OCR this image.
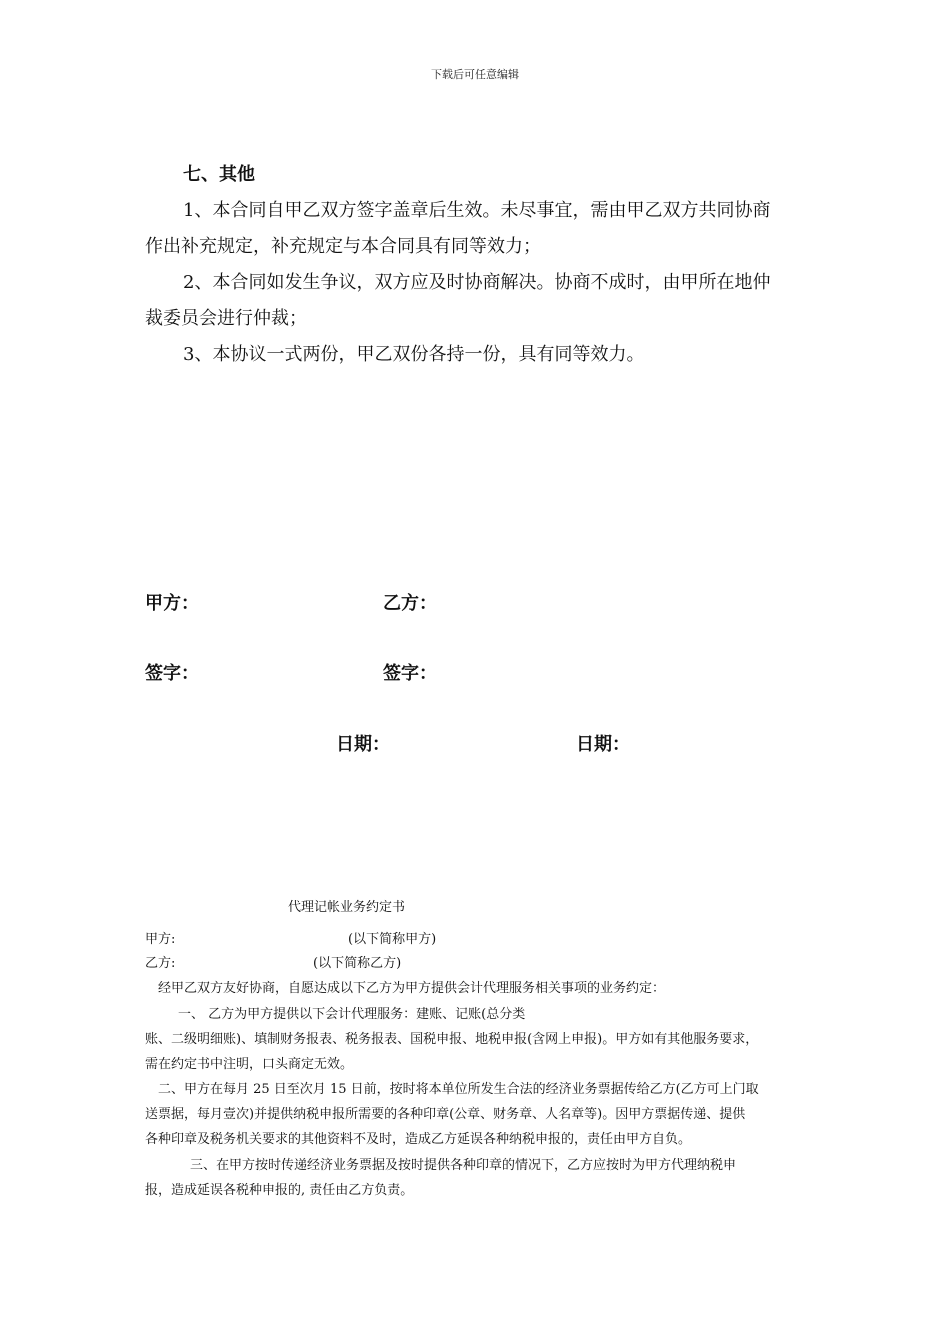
下载后可任意编辑
七、其他
1、本合同自甲乙双方签字盖章后生效。未尽事宜，需由甲乙双方共同协商
作出补充规定，补充规定与本合同具有同等效力；
2、本合同如发生争议，双方应及时协商解决。协商不成时，由甲所在地仲
裁委员会进行仲裁；
3、本协议一式两份，甲乙双份各持一份，具有同等效力。
甲方：	乙方：
签字：	签字：
日期：	日期：
代理记帐业务约定书
甲方:	(以下简称甲方)
乙方:	(以下简称乙方)
经甲乙双方友好协商，自愿达成以下乙方为甲方提供会计代理服务相关事项的业务约定：
一、 乙方为甲方提供以下会计代理服务：建账、记账(总分类
账、二级明细账)、填制财务报表、税务报表、国税申报、地税申报(含网上申报)。甲方如有其他服务要求，
需在约定书中注明，口头商定无效。
二、甲方在每月 25 日至次月 15 日前，按时将本单位所发生合法的经济业务票据传给乙方(乙方可上门取
送票据，每月壹次)并提供纳税申报所需要的各种印章(公章、财务章、人名章等)。因甲方票据传递、提供
各种印章及税务机关要求的其他资料不及时，造成乙方延误各种纳税申报的，责任由甲方自负。
三、在甲方按时传递经济业务票据及按时提供各种印章的情况下，乙方应按时为甲方代理纳税申
报，造成延误各税种申报的, 责任由乙方负责。
